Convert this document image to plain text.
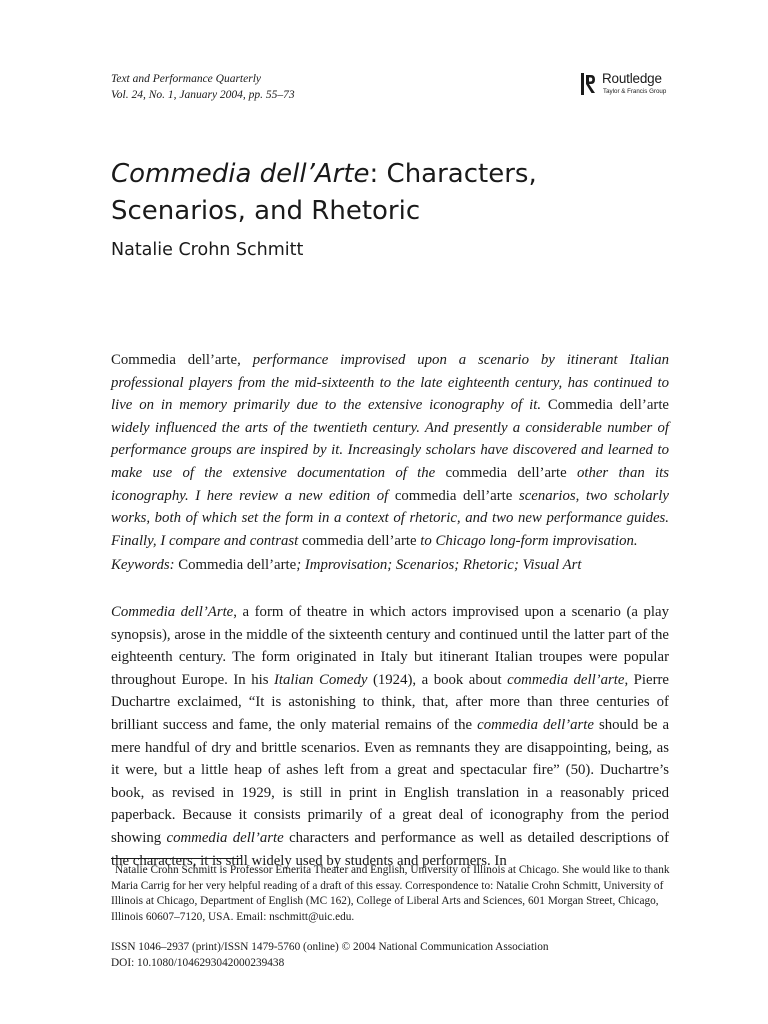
Text and Performance Quarterly
Vol. 24, No. 1, January 2004, pp. 55–73
Routledge
Taylor & Francis Group
Commedia dell’Arte: Characters, Scenarios, and Rhetoric
Natalie Crohn Schmitt

Commedia dell’arte, performance improvised upon a scenario by itinerant Italian professional players from the mid-sixteenth to the late eighteenth century, has continued to live on in memory primarily due to the extensive iconography of it. Commedia dell’arte widely influenced the arts of the twentieth century. And presently a considerable number of performance groups are inspired by it. Increasingly scholars have discovered and learned to make use of the extensive documentation of the commedia dell’arte other than its iconography. I here review a new edition of commedia dell’arte scenarios, two scholarly works, both of which set the form in a context of rhetoric, and two new performance guides. Finally, I compare and contrast commedia dell’arte to Chicago long-form improvisation.

Keywords: Commedia dell’arte; Improvisation; Scenarios; Rhetoric; Visual Art

Commedia dell’Arte, a form of theatre in which actors improvised upon a scenario (a play synopsis), arose in the middle of the sixteenth century and continued until the latter part of the eighteenth century. The form originated in Italy but itinerant Italian troupes were popular throughout Europe. In his Italian Comedy (1924), a book about commedia dell’arte, Pierre Duchartre exclaimed, “It is astonishing to think, that, after more than three centuries of brilliant success and fame, the only material remains of the commedia dell’arte should be a mere handful of dry and brittle scenarios. Even as remnants they are disappointing, being, as it were, but a little heap of ashes left from a great and spectacular fire” (50). Duchartre’s book, as revised in 1929, is still in print in English translation in a reasonably priced paperback. Because it consists primarily of a great deal of iconography from the period showing commedia dell’arte characters and performance as well as detailed descriptions of the characters, it is still widely used by students and performers. In

Natalie Crohn Schmitt is Professor Emerita Theater and English, University of Illinois at Chicago. She would like to thank Maria Carrig for her very helpful reading of a draft of this essay. Correspondence to: Natalie Crohn Schmitt, University of Illinois at Chicago, Department of English (MC 162), College of Liberal Arts and Sciences, 601 Morgan Street, Chicago, Illinois 60607–7120, USA. Email: nschmitt@uic.edu.

ISSN 1046–2937 (print)/ISSN 1479-5760 (online) © 2004 National Communication Association
DOI: 10.1080/1046293042000239438
